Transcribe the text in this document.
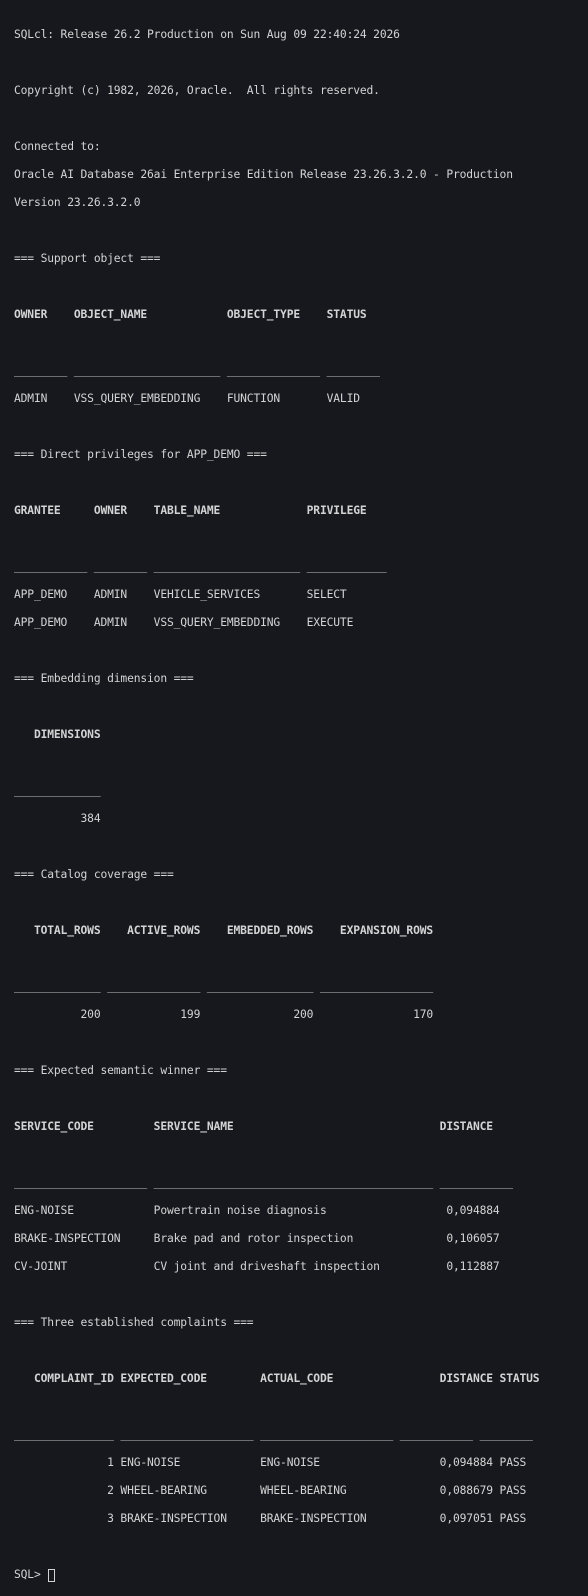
SQLcl: Release 26.2 Production on Sun Aug 09 22:40:24 2026

Copyright (c) 1982, 2026, Oracle.  All rights reserved.

Connected to:

Oracle AI Database 26ai Enterprise Edition Release 23.26.3.2.0 - Production

Version 23.26.3.2.0

=== Support object ===

OWNER    OBJECT_NAME            OBJECT_TYPE    STATUS

________ ______________________ ______________ ________

ADMIN    VSS_QUERY_EMBEDDING    FUNCTION       VALID

=== Direct privileges for APP_DEMO ===

GRANTEE     OWNER    TABLE_NAME             PRIVILEGE

___________ ________ ______________________ ____________

APP_DEMO    ADMIN    VEHICLE_SERVICES       SELECT

APP_DEMO    ADMIN    VSS_QUERY_EMBEDDING    EXECUTE

=== Embedding dimension ===

DIMENSIONS

_____________

384

=== Catalog coverage ===

TOTAL_ROWS    ACTIVE_ROWS    EMBEDDED_ROWS    EXPANSION_ROWS

_____________ ______________ ________________ _________________

200            199              200               170

=== Expected semantic winner ===

SERVICE_CODE         SERVICE_NAME                               DISTANCE

____________________ __________________________________________ ___________

ENG-NOISE            Powertrain noise diagnosis                  0,094884

BRAKE-INSPECTION     Brake pad and rotor inspection              0,106057

CV-JOINT             CV joint and driveshaft inspection          0,112887

=== Three established complaints ===

COMPLAINT_ID EXPECTED_CODE        ACTUAL_CODE                DISTANCE STATUS

_______________ ____________________ ____________________ ___________ ________

1 ENG-NOISE            ENG-NOISE                  0,094884 PASS

2 WHEEL-BEARING        WHEEL-BEARING              0,088679 PASS

3 BRAKE-INSPECTION     BRAKE-INSPECTION           0,097051 PASS

SQL>
